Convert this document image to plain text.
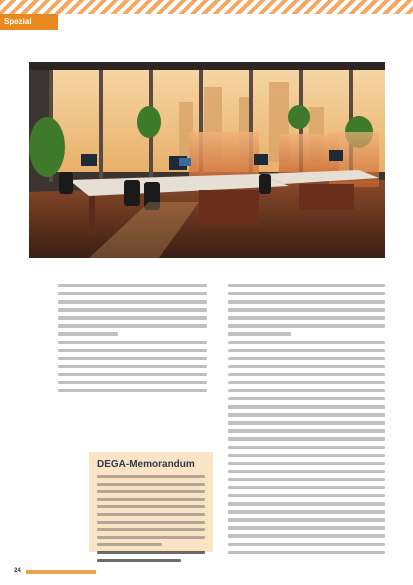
Spezial

DEGA-Memorandum
24
